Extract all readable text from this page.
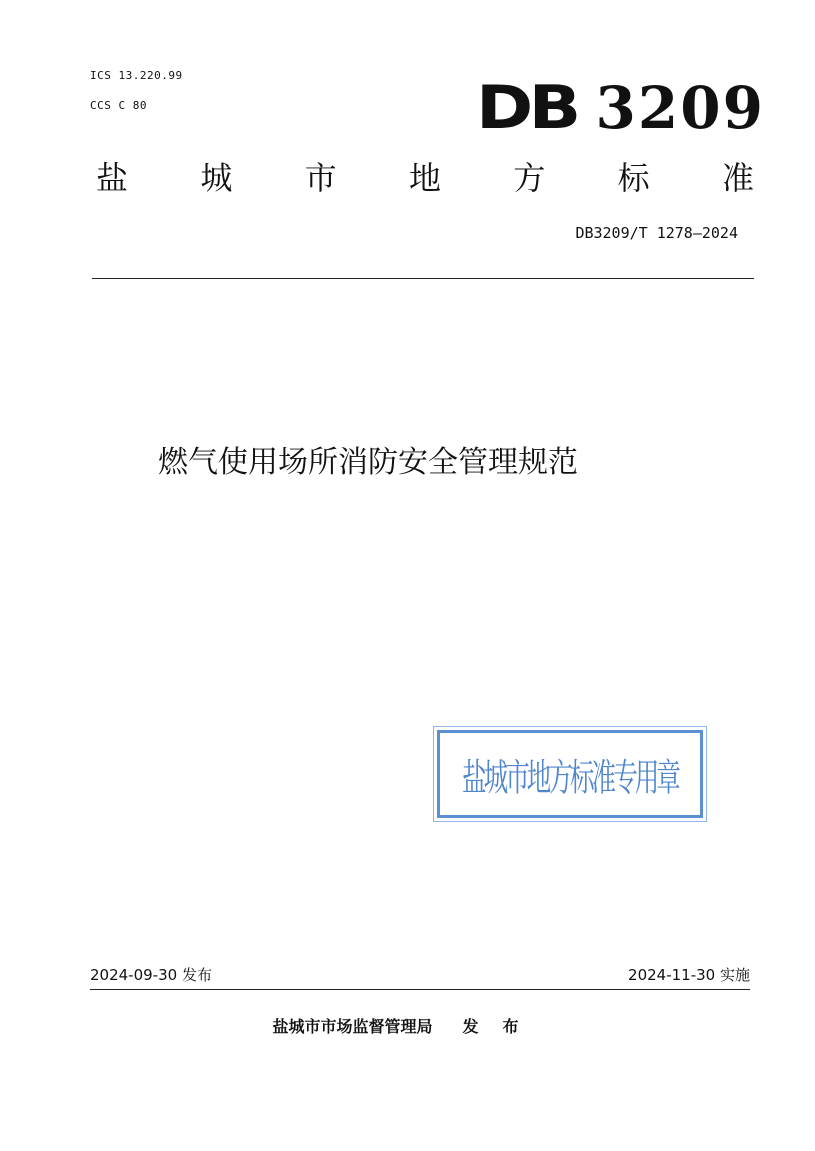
ICS 13.220.99
CCS C 80	DB 3209
盐 城 市 地 方 标 准
DB3209/T 1278—2024
燃气使用场所消防安全管理规范
盐城市地方标准专用章
2024-09-30 发布	2024-11-30 实施
盐城市市场监督管理局 发布
